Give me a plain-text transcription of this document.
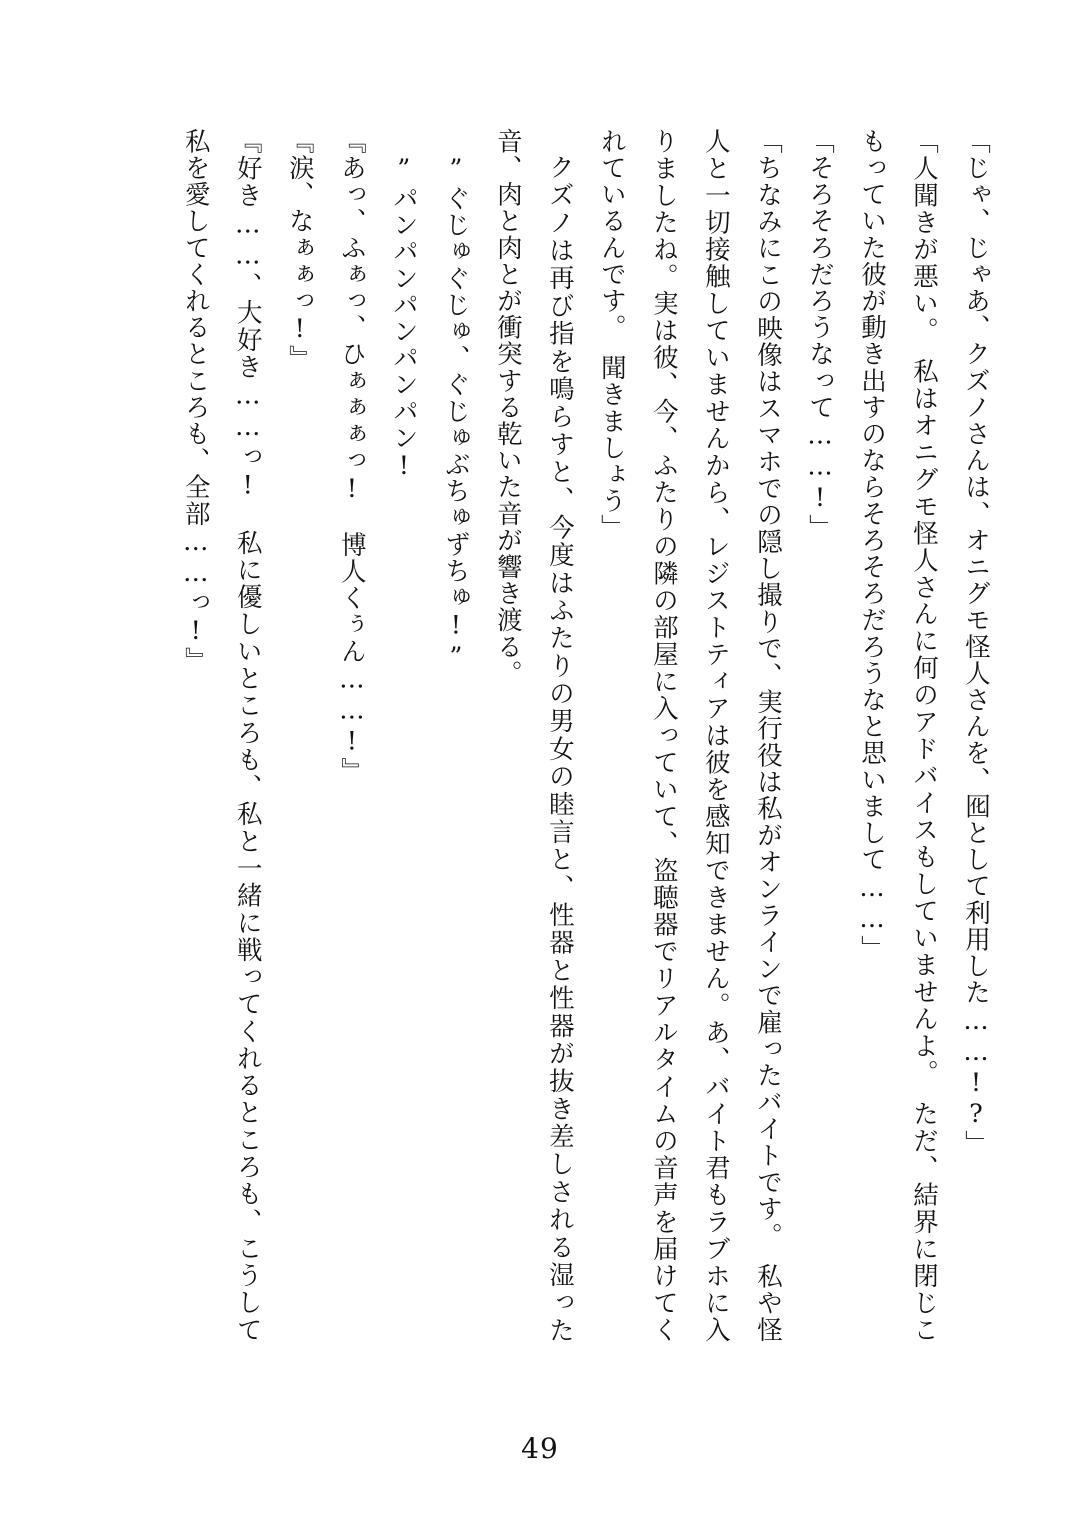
「じゃ、じゃあ、クズノさんは、オニグモ怪人さんを、囮として利用した……!?」

「人聞きが悪い。　私はオニグモ怪人さんに何のアドバイスもしていませんよ。　ただ、結界に閉じこもっていた彼が動き出すのならそろそろだろうなと思いまして……」

「そろそろだろうなって……!」

「ちなみにこの映像はスマホでの隠し撮りで、実行役は私がオンラインで雇ったバイトです。　私や怪人と一切接触していませんから、レジストティアは彼を感知できません。あ、バイト君もラブホに入りましたね。実は彼、今、ふたりの隣の部屋に入っていて、盗聴器でリアルタイムの音声を届けてくれているんです。　聞きましょう」

クズノは再び指を鳴らすと、今度はふたりの男女の睦言と、性器と性器が抜き差しされる湿った音、肉と肉とが衝突する乾いた音が響き渡る。

”ぐじゅぐじゅ、ぐじゅぶちゅずちゅ!”

”パンパンパンパンパン!

『あっ、ふぁっ、ひぁぁぁっ!　博人くぅん……!』

『涙、なぁぁっ!』

『好き……、大好き……っ!　私に優しいところも、私と一緒に戦ってくれるところも、こうして私を愛してくれるところも、全部……っ!』

49
